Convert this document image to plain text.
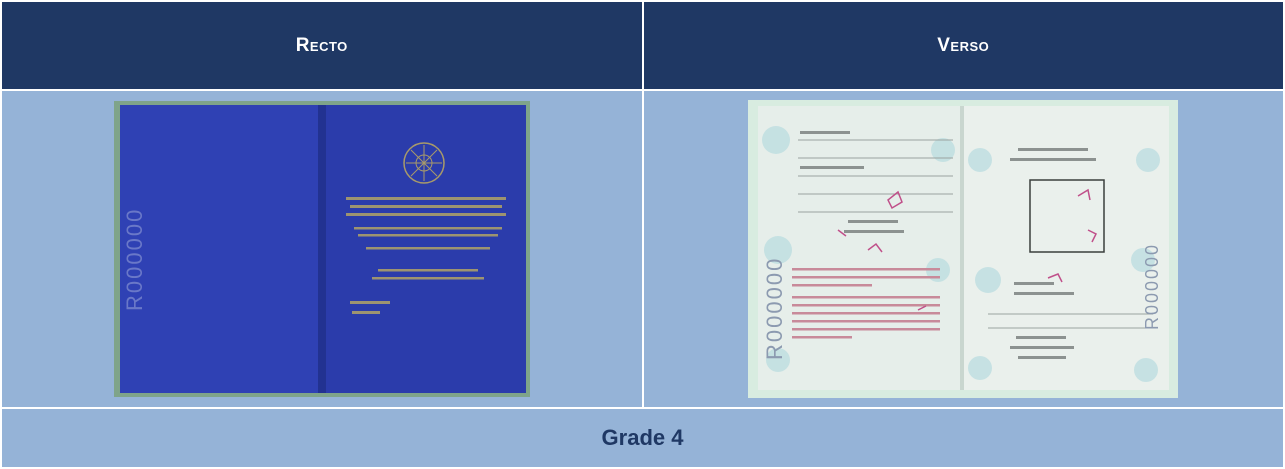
Recto	Verso

R000000	R000000 R000000

Grade 4	
